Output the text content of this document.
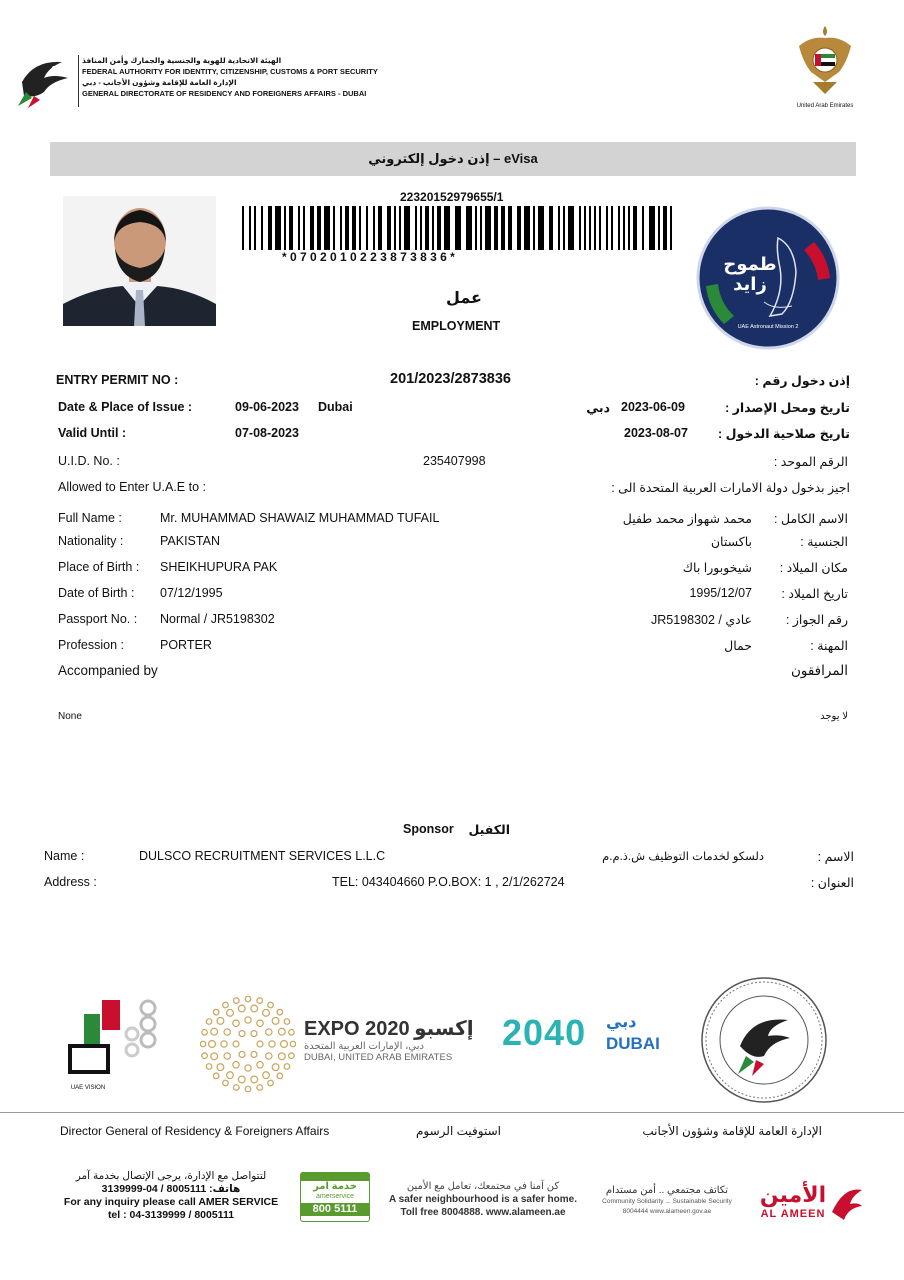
الهيئة الاتحادية للهوية والجنسية والجمارك وأمن المنافذ
FEDERAL AUTHORITY FOR IDENTITY, CITIZENSHIP, CUSTOMS & PORT SECURITY
الإدارة العامة للإقامة وشؤون الأجانب - دبي
GENERAL DIRECTORATE OF RESIDENCY AND FOREIGNERS AFFAIRS - DUBAI
United Arab Emirates
إذن دخول إلكتروني – eVisa
22320152979655/1
* 0 7 0 2 0 1 0 2 2 3 8 7 3 8 3 6 *
عمل
EMPLOYMENT
طموح
زايد
UAE Astronaut Mission 2
ENTRY PERMIT NO :	201/2023/2873836	إذن دخول رقم :
Date & Place of Issue :	09-06-2023 Dubai	دبي 2023-06-09	تاريخ ومحل الإصدار :
Valid Until :	07-08-2023	2023-08-07 تاريخ صلاحية الدخول :
U.I.D. No. :	235407998	الرقم الموحد :
Allowed to Enter U.A.E to :	اجيز بدخول دولة الامارات العربية المتحدة الى :
Full Name :	Mr. MUHAMMAD SHAWAIZ MUHAMMAD TUFAIL	محمد شهواز محمد طفيل الاسم الكامل :
Nationality :	PAKISTAN	باكستان	الجنسية :
Place of Birth : SHEIKHUPURA PAK	شيخوبورا باك مكان الميلاد :
Date of Birth : 07/12/1995	1995/12/07 تاريخ الميلاد :
Passport No. : Normal / JR5198302	عادي / JR5198302	رقم الجواز :
Profession :	PORTER	حمال	المهنة :
Accompanied by	المرافقون
None	لا يوجد
Sponsor الكفيل
Name :	DULSCO RECRUITMENT SERVICES L.L.C	دلسكو لخدمات التوظيف ش.ذ.م.م	الاسم :
Address :	TEL: 043404660 P.O.BOX: 1 , 2/1/262724	العنوان :
UAE VISION
EXPO 2020 إكسبو
دبي، الإمارات العربية المتحدة
DUBAI, UNITED ARAB EMIRATES
2040 دبي
DUBAI
Director General of Residency & Foreigners Affairs	استوفيت الرسوم	الإدارة العامة للإقامة وشؤون الأجانب
لتتواصل مع الإدارة، يرجى الإتصال بخدمة آمر
هاتف: 8005111 / 04-3139999
For any inquiry please call AMER SERVICE
tel : 04-3139999 / 8005111
خدمة آمر
amerservice
800 5111
كن آمنا في مجتمعك، تعامل مع الأمين
A safer neighbourhood is a safer home.
Toll free 8004888. www.alameen.ae
تكاتف مجتمعي .. أمن مستدام
Community Solidarity ... Sustainable Security
8004444 www.alameen.gov.ae
الأمين
AL AMEEN
